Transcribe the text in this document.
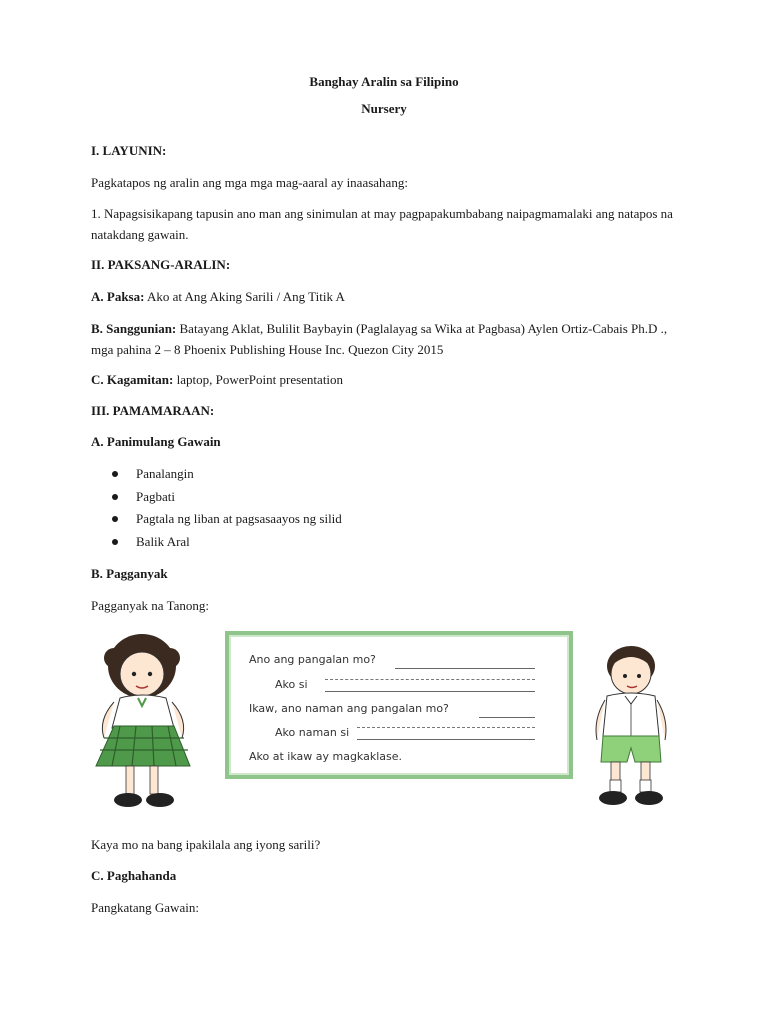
Banghay Aralin sa Filipino

Nursery

I. LAYUNIN:

Pagkatapos ng aralin ang mga mga mag-aaral ay inaasahang:

1. Napagsisikapang tapusin ano man ang sinimulan at may pagpapakumbabang naipagmamalaki ang natapos na natakdang gawain.

II. PAKSANG-ARALIN:

A. Paksa: Ako at Ang Aking Sarili / Ang Titik A

B. Sanggunian: Batayang Aklat, Bulilit Baybayin (Paglalayag sa Wika at Pagbasa) Aylen Ortiz-Cabais Ph.D ., mga pahina 2 – 8 Phoenix Publishing House Inc. Quezon City 2015

C. Kagamitan: laptop, PowerPoint presentation

III. PAMAMARAAN:

A. Panimulang Gawain

Panalangin
Pagbati
Pagtala ng liban at pagsasaayos ng silid
Balik Aral

B. Pagganyak

Pagganyak na Tanong:

Ano ang pangalan mo?
Ako si
Ikaw, ano naman ang pangalan mo?
Ako naman si
Ako at ikaw ay magkaklase.

Kaya mo na bang ipakilala ang iyong sarili?

C. Paghahanda

Pangkatang Gawain:
